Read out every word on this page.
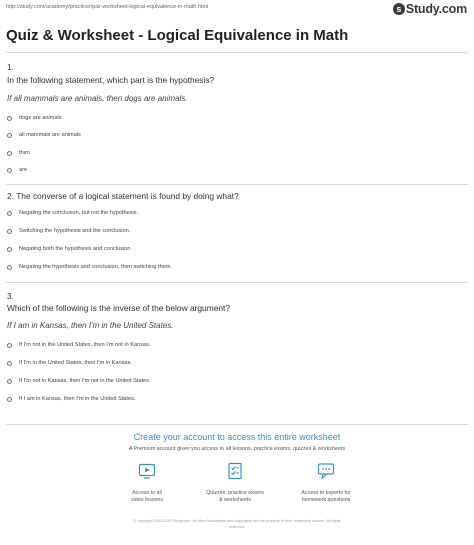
http://study.com/academy/practice/quiz-worksheet-logical-equivalence-in-math.html	s Study.com
Quiz & Worksheet - Logical Equivalence in Math
1.
In the following statement, which part is the hypothesis?
If all mammals are animals, then dogs are animals.
dogs are animals
all mammals are animals
then
are
2. The converse of a logical statement is found by doing what?
Negating the conclusion, but not the hypothesis.
Switching the hypothesis and the conclusion.
Negating both the hypothesis and conclusion.
Negating the hypothesis and conclusion, then switching them.
3.
Which of the following is the inverse of the below argument?
If I am in Kansas, then I'm in the United States.
If I'm not in the United States, then I'm not in Kansas.
If I'm in the United States, then I'm in Kansas.
If I'm not in Kansas, then I'm not in the United States.
If I am in Kansas, then I'm in the United States.
Create your account to access this entire worksheet
A Premium account gives you access to all lessons, practice exams, quizzes & worksheets
Access to all
video lessons
Quizzes, practice exams
& worksheets
Access to experts for
homework questions
© copyright 2003-2020 Study.com. All other trademarks and copyrights are the property of their respective owners. All rights
reserved.
